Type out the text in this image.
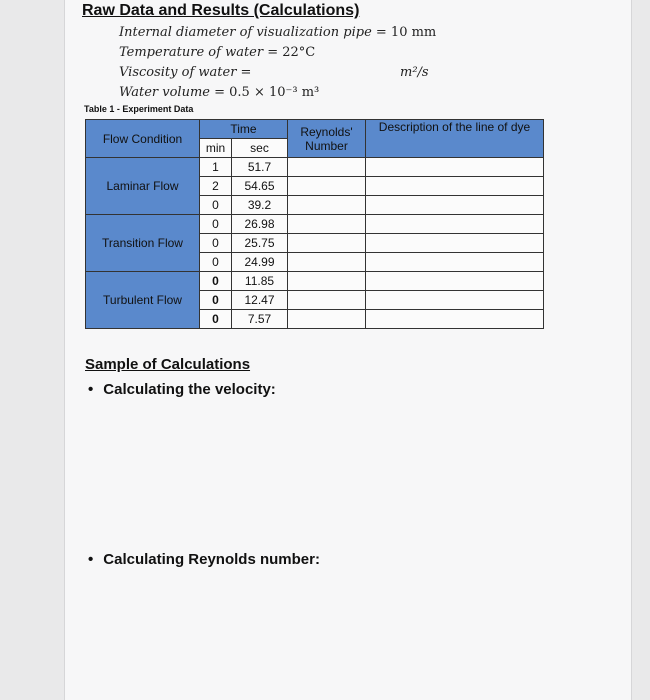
Raw Data and Results (Calculations)
Internal diameter of visualization pipe = 10 mm
Temperature of water = 22°C
Viscosity of water =	m²/s
Water volume = 0.5 × 10⁻³ m³
Table 1 - Experiment Data
Flow Condition	Time		Reynolds' Number	Description of the line of dye
	min	sec		
Laminar Flow	1	51.7		
	2	54.65		
	0	39.2		
Transition Flow	0	26.98		
	0	25.75		
	0	24.99		
Turbulent Flow	0	11.85		
	0	12.47		
	0	7.57		
Sample of Calculations
• Calculating the velocity:
• Calculating Reynolds number:
